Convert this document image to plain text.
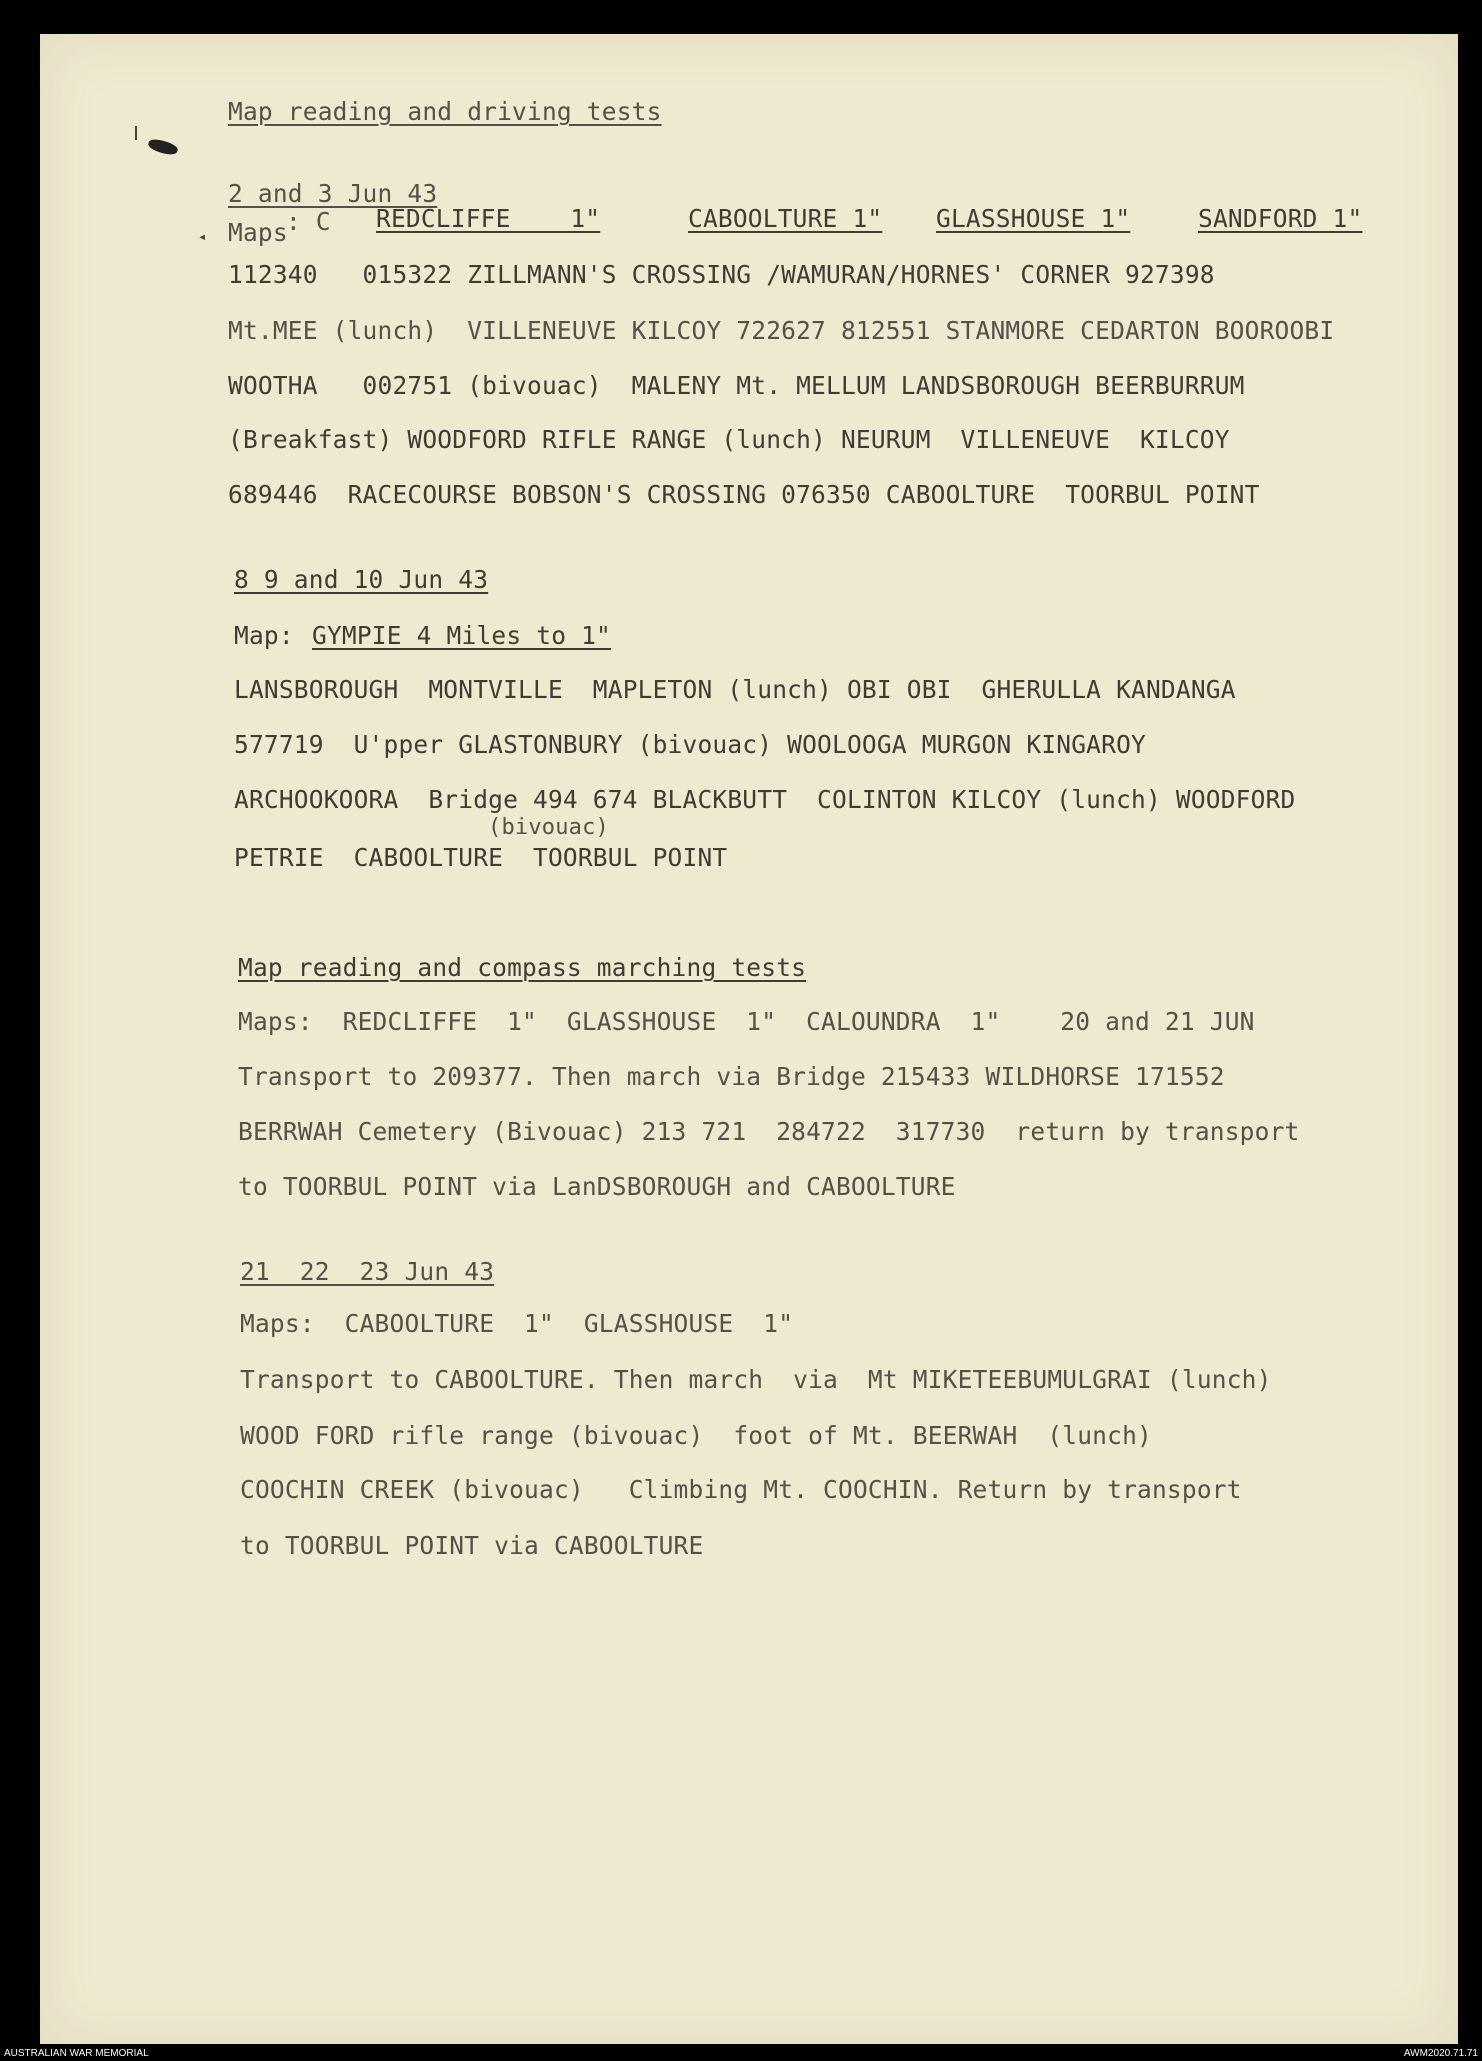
◂
Map reading and driving tests
2 and 3 Jun 43
Maps
: C REDCLIFFE    1"	CABOOLTURE 1" GLASSHOUSE 1"	SANDFORD 1"
112340   015322 ZILLMANN'S CROSSING /WAMURAN/HORNES' CORNER 927398
Mt.MEE (lunch)  VILLENEUVE KILCOY 722627 812551 STANMORE CEDARTON BOOROOBI
WOOTHA   002751 (bivouac)  MALENY Mt. MELLUM LANDSBOROUGH BEERBURRUM
(Breakfast) WOODFORD RIFLE RANGE (lunch) NEURUM  VILLENEUVE  KILCOY
689446  RACECOURSE BOBSON'S CROSSING 076350 CABOOLTURE  TOORBUL POINT
8 9 and 10 Jun 43
Map: GYMPIE 4 Miles to 1"
LANSBOROUGH  MONTVILLE  MAPLETON (lunch) OBI OBI  GHERULLA KANDANGA
577719  U'pper GLASTONBURY (bivouac) WOOLOOGA MURGON KINGAROY
ARCHOOKOORA  Bridge 494 674 BLACKBUTT  COLINTON KILCOY (lunch) WOODFORD
(bivouac)
PETRIE  CABOOLTURE  TOORBUL POINT
Map reading and compass marching tests
Maps:  REDCLIFFE  1"  GLASSHOUSE  1"  CALOUNDRA  1"    20 and 21 JUN
Transport to 209377. Then march via Bridge 215433 WILDHORSE 171552
BERRWAH Cemetery (Bivouac) 213 721  284722  317730  return by transport
to TOORBUL POINT via LanDSBOROUGH and CABOOLTURE
21  22  23 Jun 43
Maps:  CABOOLTURE  1"  GLASSHOUSE  1"
Transport to CABOOLTURE. Then march  via  Mt MIKETEEBUMULGRAI (lunch)
WOOD FORD rifle range (bivouac)  foot of Mt. BEERWAH  (lunch)
COOCHIN CREEK (bivouac)   Climbing Mt. COOCHIN. Return by transport
to TOORBUL POINT via CABOOLTURE
AUSTRALIAN WAR MEMORIAL	AWM2020.71.71
